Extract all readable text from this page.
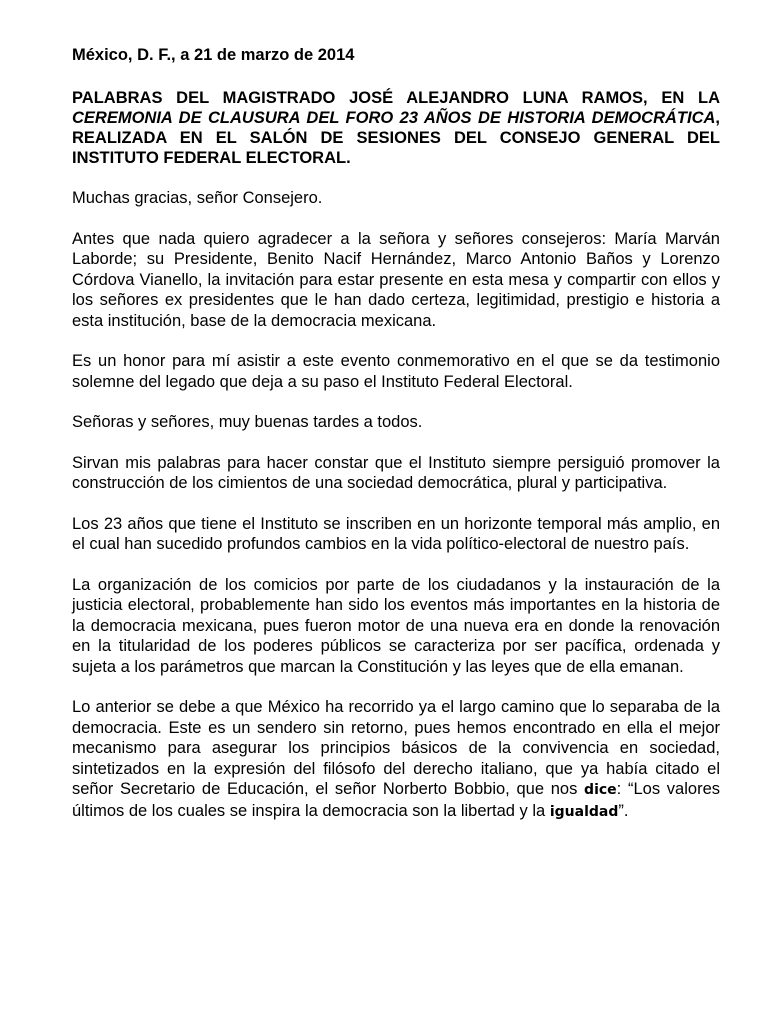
México, D. F., a 21 de marzo de 2014

PALABRAS DEL MAGISTRADO JOSÉ ALEJANDRO LUNA RAMOS, EN LA CEREMONIA DE CLAUSURA DEL FORO 23 AÑOS DE HISTORIA DEMOCRÁTICA, REALIZADA EN EL SALÓN DE SESIONES DEL CONSEJO GENERAL DEL INSTITUTO FEDERAL ELECTORAL.

Muchas gracias, señor Consejero.

Antes que nada quiero agradecer a la señora y señores consejeros: María Marván Laborde; su Presidente, Benito Nacif Hernández, Marco Antonio Baños y Lorenzo Córdova Vianello, la invitación para estar presente en esta mesa y compartir con ellos y los señores ex presidentes que le han dado certeza, legitimidad, prestigio e historia a esta institución, base de la democracia mexicana.

Es un honor para mí asistir a este evento conmemorativo en el que se da testimonio solemne del legado que deja a su paso el Instituto Federal Electoral.

Señoras y señores, muy buenas tardes a todos.

Sirvan mis palabras para hacer constar que el Instituto siempre persiguió promover la construcción de los cimientos de una sociedad democrática, plural y participativa.

Los 23 años que tiene el Instituto se inscriben en un horizonte temporal más amplio, en el cual han sucedido profundos cambios en la vida político-electoral de nuestro país.

La organización de los comicios por parte de los ciudadanos y la instauración de la justicia electoral, probablemente han sido los eventos más importantes en la historia de la democracia mexicana, pues fueron motor de una nueva era en donde la renovación en la titularidad de los poderes públicos se caracteriza por ser pacífica, ordenada y sujeta a los parámetros que marcan la Constitución y las leyes que de ella emanan.

Lo anterior se debe a que México ha recorrido ya el largo camino que lo separaba de la democracia. Este es un sendero sin retorno, pues hemos encontrado en ella el mejor mecanismo para asegurar los principios básicos de la convivencia en sociedad, sintetizados en la expresión del filósofo del derecho italiano, que ya había citado el señor Secretario de Educación, el señor Norberto Bobbio, que nos dice: “Los valores últimos de los cuales se inspira la democracia son la libertad y la igualdad”.
